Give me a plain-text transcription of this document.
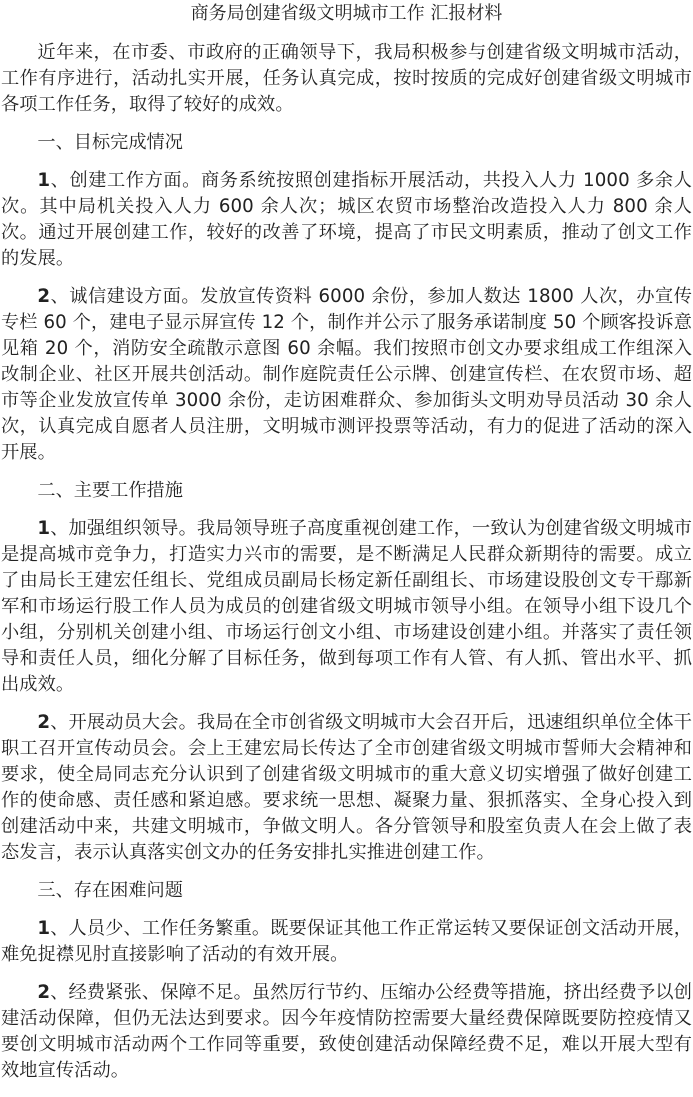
商务局创建省级文明城市工作 汇报材料

近年来，在市委、市政府的正确领导下，我局积极参与创建省级文明城市活动，工作有序进行，活动扎实开展，任务认真完成，按时按质的完成好创建省级文明城市各项工作任务，取得了较好的成效。

一、目标完成情况

1、创建工作方面。商务系统按照创建指标开展活动，共投入人力 1000 多余人次。其中局机关投入人力 600 余人次；城区农贸市场整治改造投入人力 800 余人次。通过开展创建工作，较好的改善了环境，提高了市民文明素质，推动了创文工作的发展。

2、诚信建设方面。发放宣传资料 6000 余份，参加人数达 1800 人次，办宣传专栏 60 个，建电子显示屏宣传 12 个，制作并公示了服务承诺制度 50 个顾客投诉意见箱 20 个，消防安全疏散示意图 60 余幅。我们按照市创文办要求组成工作组深入改制企业、社区开展共创活动。制作庭院责任公示牌、创建宣传栏、在农贸市场、超市等企业发放宣传单 3000 余份，走访困难群众、参加街头文明劝导员活动 30 余人次，认真完成自愿者人员注册，文明城市测评投票等活动，有力的促进了活动的深入开展。

二、主要工作措施

1、加强组织领导。我局领导班子高度重视创建工作，一致认为创建省级文明城市是提高城市竞争力，打造实力兴市的需要，是不断满足人民群众新期待的需要。成立了由局长王建宏任组长、党组成员副局长杨定新任副组长、市场建设股创文专干鄢新军和市场运行股工作人员为成员的创建省级文明城市领导小组。在领导小组下设几个小组，分别机关创建小组、市场运行创文小组、市场建设创建小组。并落实了责任领导和责任人员，细化分解了目标任务，做到每项工作有人管、有人抓、管出水平、抓出成效。

2、开展动员大会。我局在全市创省级文明城市大会召开后，迅速组织单位全体干职工召开宣传动员会。会上王建宏局长传达了全市创建省级文明城市誓师大会精神和要求，使全局同志充分认识到了创建省级文明城市的重大意义切实增强了做好创建工作的使命感、责任感和紧迫感。要求统一思想、凝聚力量、狠抓落实、全身心投入到创建活动中来，共建文明城市，争做文明人。各分管领导和股室负责人在会上做了表态发言，表示认真落实创文办的任务安排扎实推进创建工作。

三、存在困难问题

1、人员少、工作任务繁重。既要保证其他工作正常运转又要保证创文活动开展，难免捉襟见肘直接影响了活动的有效开展。

2、经费紧张、保障不足。虽然厉行节约、压缩办公经费等措施，挤出经费予以创建活动保障，但仍无法达到要求。因今年疫情防控需要大量经费保障既要防控疫情又要创文明城市活动两个工作同等重要，致使创建活动保障经费不足，难以开展大型有效地宣传活动。
